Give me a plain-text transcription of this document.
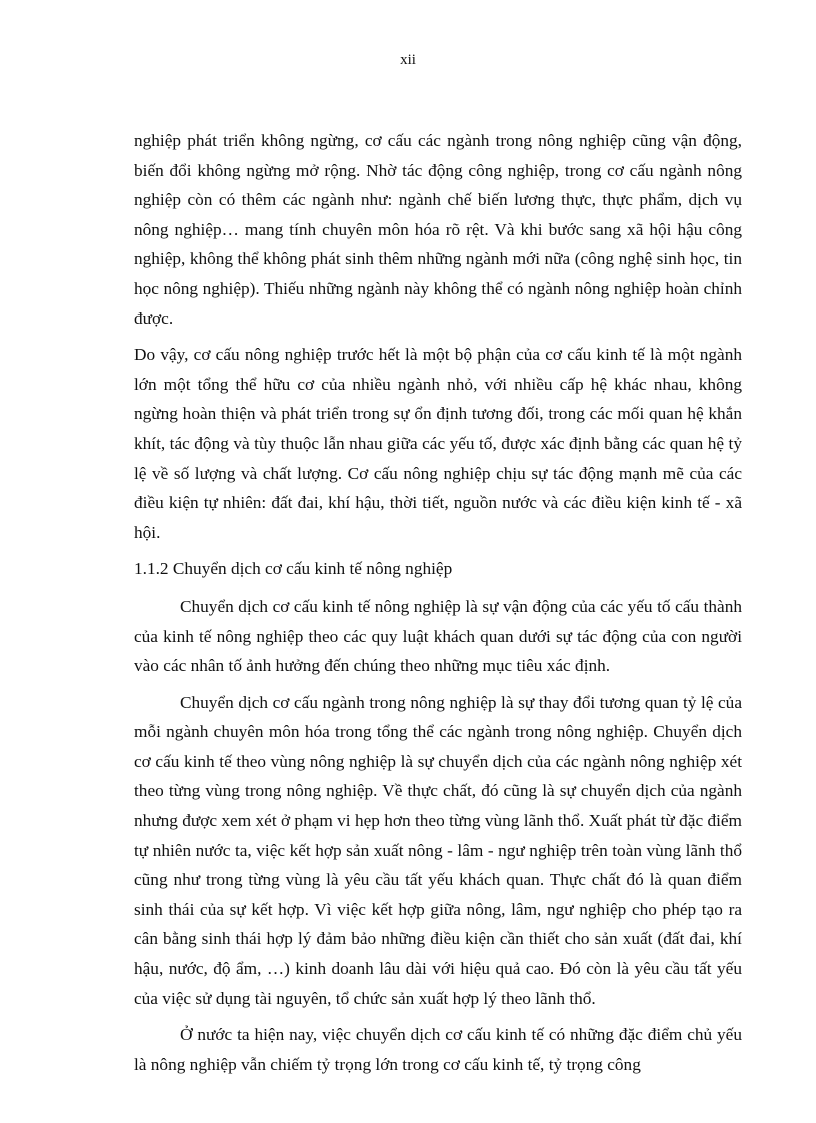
xii

nghiệp phát triển không ngừng, cơ cấu các ngành trong nông nghiệp cũng vận động, biến đổi không ngừng mở rộng. Nhờ tác động công nghiệp, trong cơ cấu ngành nông nghiệp còn có thêm các ngành như: ngành chế biến lương thực, thực phẩm, dịch vụ nông nghiệp… mang tính chuyên môn hóa rõ rệt. Và khi bước sang xã hội hậu công nghiệp, không thể không phát sinh thêm những ngành mới nữa (công nghệ sinh học, tin học nông nghiệp). Thiếu những ngành này không thể có ngành nông nghiệp hoàn chỉnh được.

Do vậy, cơ cấu nông nghiệp trước hết là một bộ phận của cơ cấu kinh tế là một ngành lớn một tổng thể hữu cơ của nhiều ngành nhỏ, với nhiều cấp hệ khác nhau, không ngừng hoàn thiện và phát triển trong sự ổn định tương đối, trong các mối quan hệ khắn khít, tác động và tùy thuộc lẫn nhau giữa các yếu tố, được xác định bằng các quan hệ tỷ lệ về số lượng và chất lượng. Cơ cấu nông nghiệp chịu sự tác động mạnh mẽ của các điều kiện tự nhiên: đất đai, khí hậu, thời tiết, nguồn nước và các điều kiện kinh tế - xã hội.

1.1.2 Chuyển dịch cơ cấu kinh tế nông nghiệp

Chuyển dịch cơ cấu kinh tế nông nghiệp là sự vận động của các yếu tố cấu thành của kinh tế nông nghiệp theo các quy luật khách quan dưới sự tác động của con người vào các nhân tố ảnh hưởng đến chúng theo những mục tiêu xác định.

Chuyển dịch cơ cấu ngành trong nông nghiệp là sự thay đổi tương quan tỷ lệ của mỗi ngành chuyên môn hóa trong tổng thể các ngành trong nông nghiệp. Chuyển dịch cơ cấu kinh tế theo vùng nông nghiệp là sự chuyển dịch của các ngành nông nghiệp xét theo từng vùng trong nông nghiệp. Về thực chất, đó cũng là sự chuyển dịch của ngành nhưng được xem xét ở phạm vi hẹp hơn theo từng vùng lãnh thổ. Xuất phát từ đặc điểm tự nhiên nước ta, việc kết hợp sản xuất nông - lâm - ngư nghiệp trên toàn vùng lãnh thổ cũng như trong từng vùng là yêu cầu tất yếu khách quan. Thực chất đó là quan điểm sinh thái của sự kết hợp. Vì việc kết hợp giữa nông, lâm, ngư nghiệp cho phép tạo ra cân bằng sinh thái hợp lý đảm bảo những điều kiện cần thiết cho sản xuất (đất đai, khí hậu, nước, độ ẩm, …) kinh doanh lâu dài với hiệu quả cao. Đó còn là yêu cầu tất yếu của việc sử dụng tài nguyên, tổ chức sản xuất hợp lý theo lãnh thổ.

Ở nước ta hiện nay, việc chuyển dịch cơ cấu kinh tế có những đặc điểm chủ yếu là nông nghiệp vẫn chiếm tỷ trọng lớn trong cơ cấu kinh tế, tỷ trọng công
